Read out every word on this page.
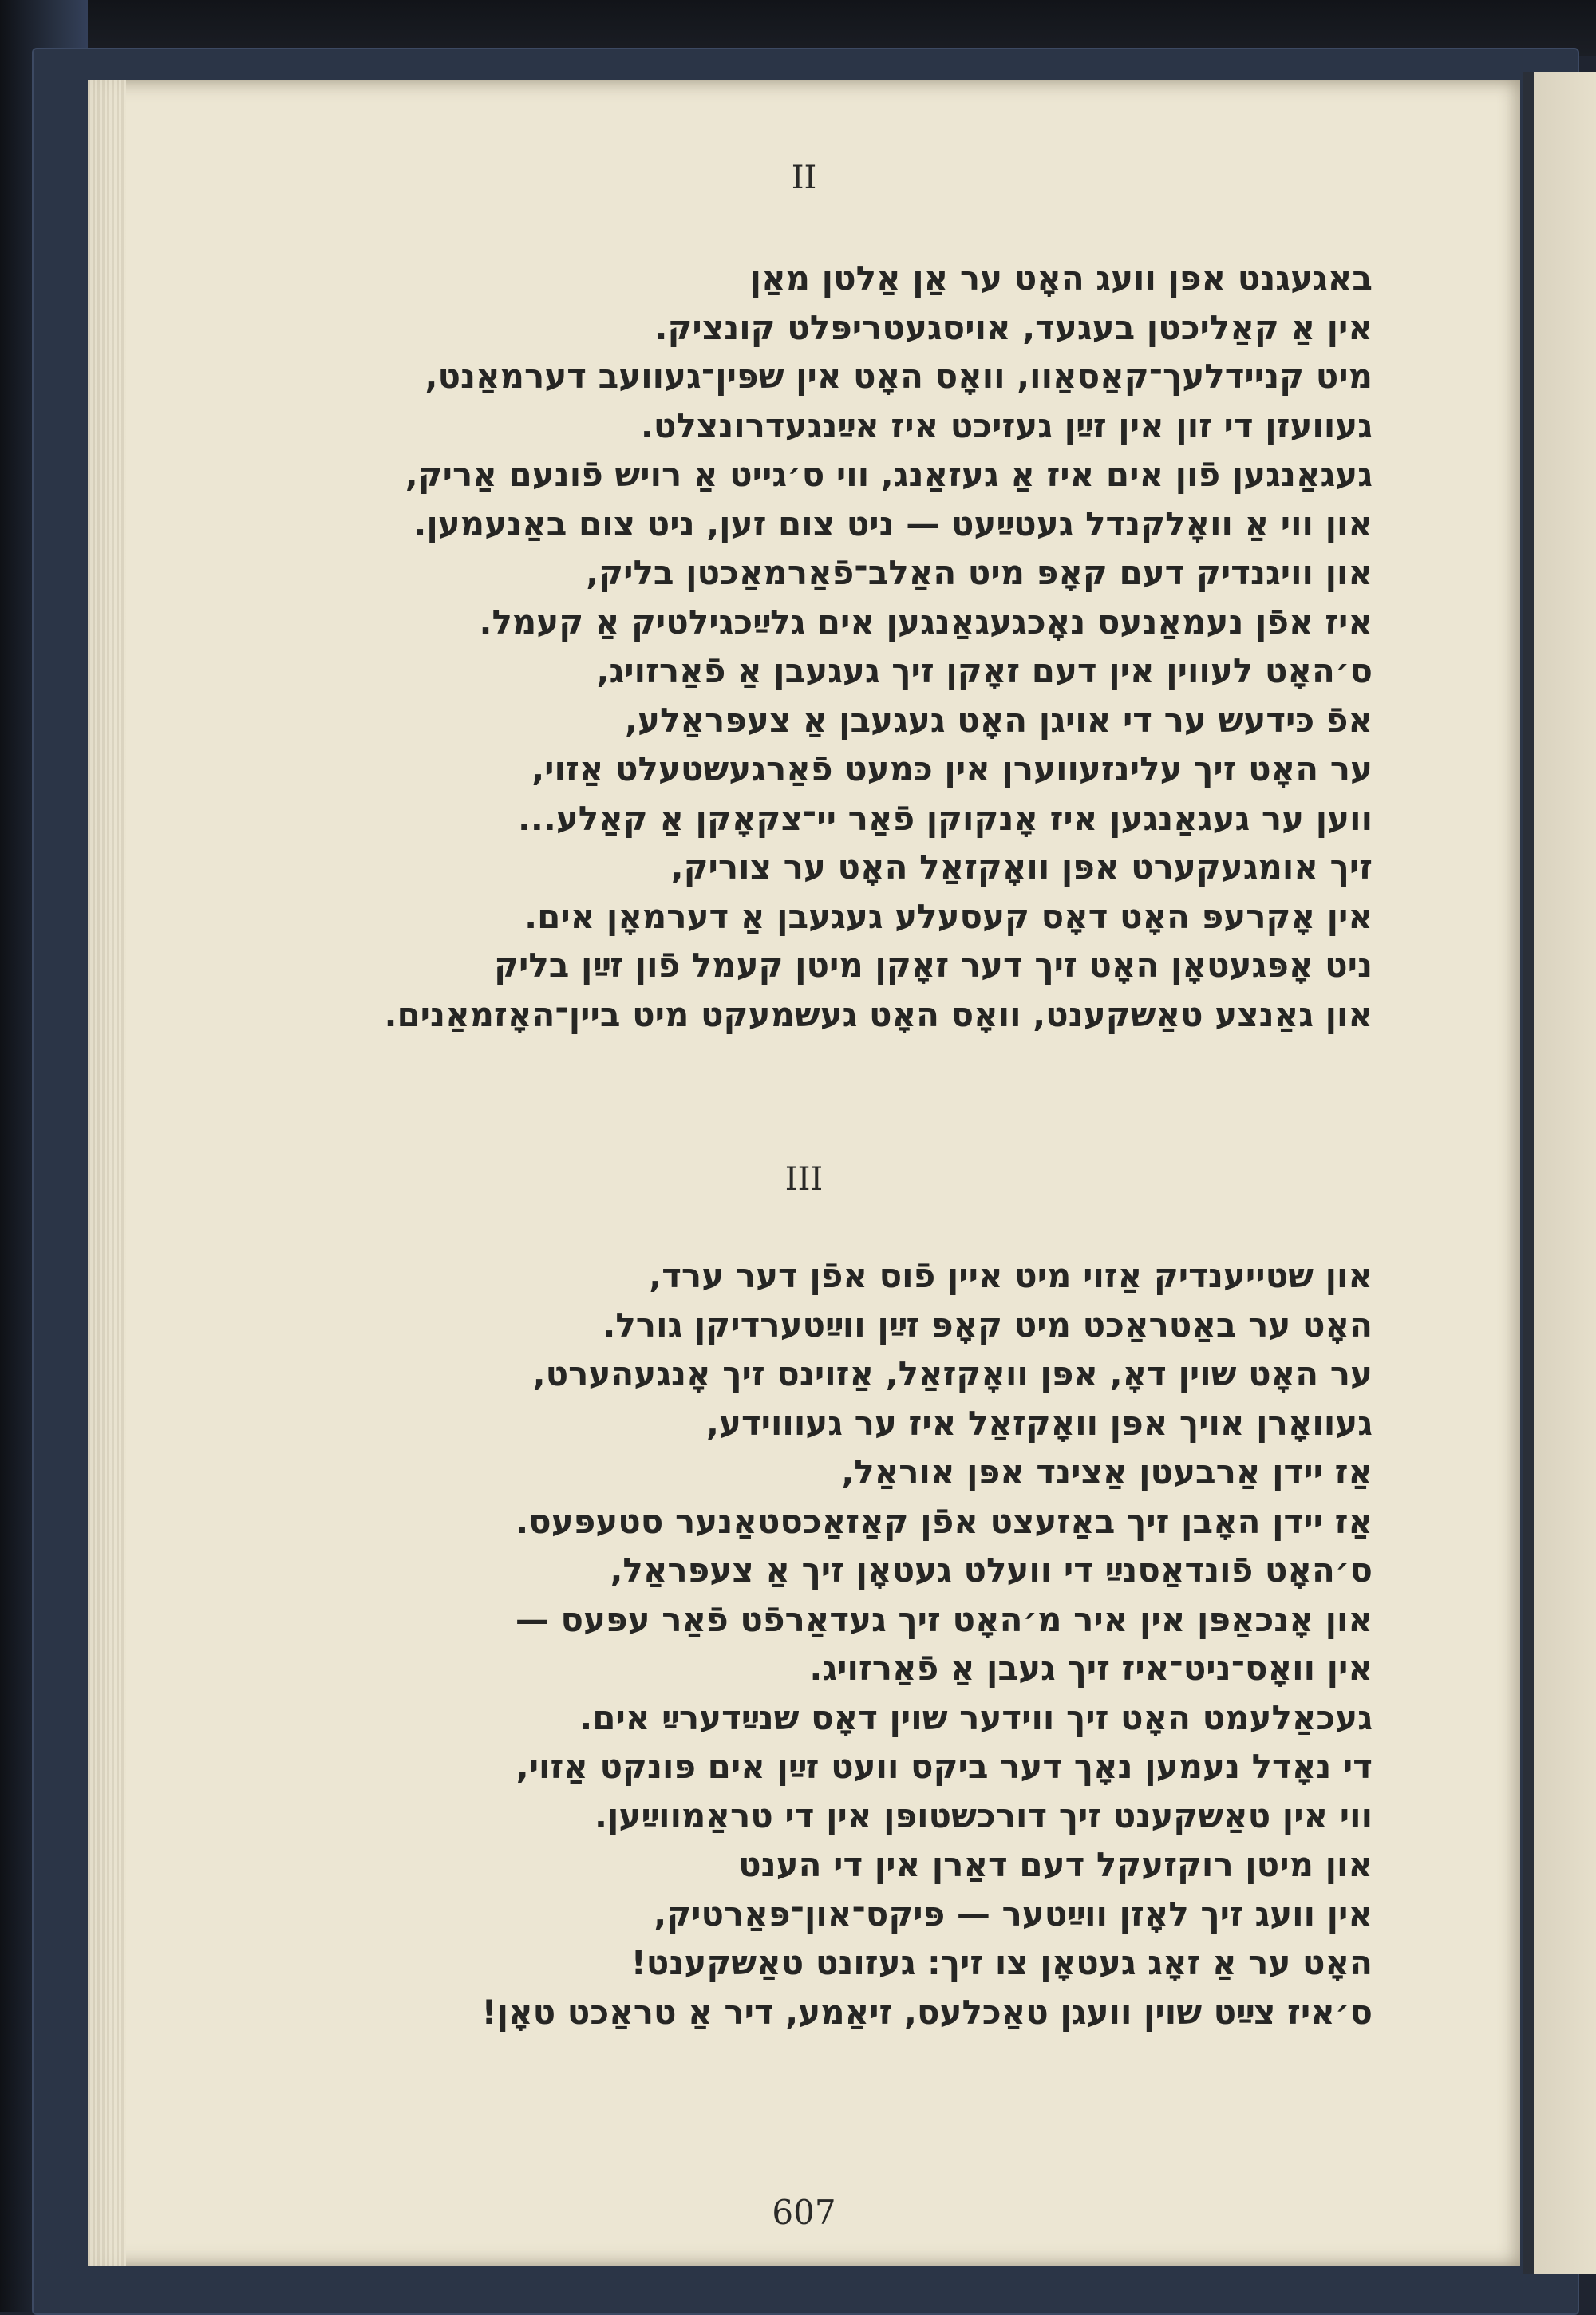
II
באגעגנט אפּן וועג האָט ער אַן אַלטן מאַן
אין אַ קאַליכטן בעגעד, אויסגעטריפּלט קונציק.
מיט קניידלעך־קאַסאַוו, וואָס האָט אין שפּין־געוועב דערמאַנט,
געוועזן די זון אין זײַן געזיכט איז אײַנגעדרונצלט.
געגאַנגען פֿון אים איז אַ געזאַנג, ווי ס׳גייט אַ רויש פֿונעם אַריק,
און ווי אַ וואָלקנדל געטײַעט — ניט צום זען, ניט צום באַנעמען.
און וויגנדיק דעם קאָפּ מיט האַלב־פֿאַרמאַכטן בליק,
איז אפֿן נעמאַנעס נאָכגעגאַנגען אים גלײַכגילטיק אַ קעמל.
ס׳האָט לעווין אין דעם זאָקן זיך געגעבן אַ פֿאַרזויג,
אפֿ כּידעש ער די אויגן האָט געגעבן אַ צעפּראַלע,
ער האָט זיך עלינזעווערן אין כּמעט פֿאַרגעשטעלט אַזוי,
ווען ער געגאַנגען איז אָנקוקן פֿאַר יי־צקאָקן אַ קאַלע...
זיך אומגעקערט אפּן וואָקזאַל האָט ער צוריק,
אין אָקרעפּ האָט דאָס קעסעלע געגעבן אַ דערמאָן אים.
ניט אָפּגעטאָן האָט זיך דער זאָקן מיטן קעמל פֿון זײַן בליק
און גאַנצע טאַשקענט, וואָס האָט געשמעקט מיט ביין־האָזמאַנים.
III
און שטייענדיק אַזוי מיט איין פֿוס אפֿן דער ערד,
האָט ער באַטראַכט מיט קאָפּ זײַן ווײַטערדיקן גורל.
ער האָט שוין דאָ, אפּן וואָקזאַל, אַזוינס זיך אָנגעהערט,
געוואָרן אויך אפּן וואָקזאַל איז ער געוווידע,
אַז יידן אַרבעטן אַצינד אפּן אוראַל,
אַז יידן האָבן זיך באַזעצט אפֿן קאַזאַכסטאַנער סטעפּעס.
ס׳האָט פֿונדאַסנײַ די וועלט געטאָן זיך אַ צעפּראַל,
און אָנכאַפּן אין איר מ׳האָט זיך געדאַרפֿט פֿאַר עפּעס —
אין וואָס־ניט־איז זיך געבן אַ פֿאַרזויג.
געכאַלעמט האָט זיך ווידער שוין דאָס שנײַדערײַ אים.
די נאָדל נעמען נאָך דער ביקס וועט זײַן אים פּונקט אַזוי,
ווי אין טאַשקענט זיך דורכשטופּן אין די טראַמווײַען.
און מיטן רוקזעקל דעם דאַרן אין די הענט
אין וועג זיך לאָזן ווײַטער — פּיקס־און־פּאַרטיק,
האָט ער אַ זאָג געטאָן צו זיך: געזונט טאַשקענט!
ס׳איז צײַט שוין וועגן טאַכלעס, זיאַמע, דיר אַ טראַכט טאָן!
607
